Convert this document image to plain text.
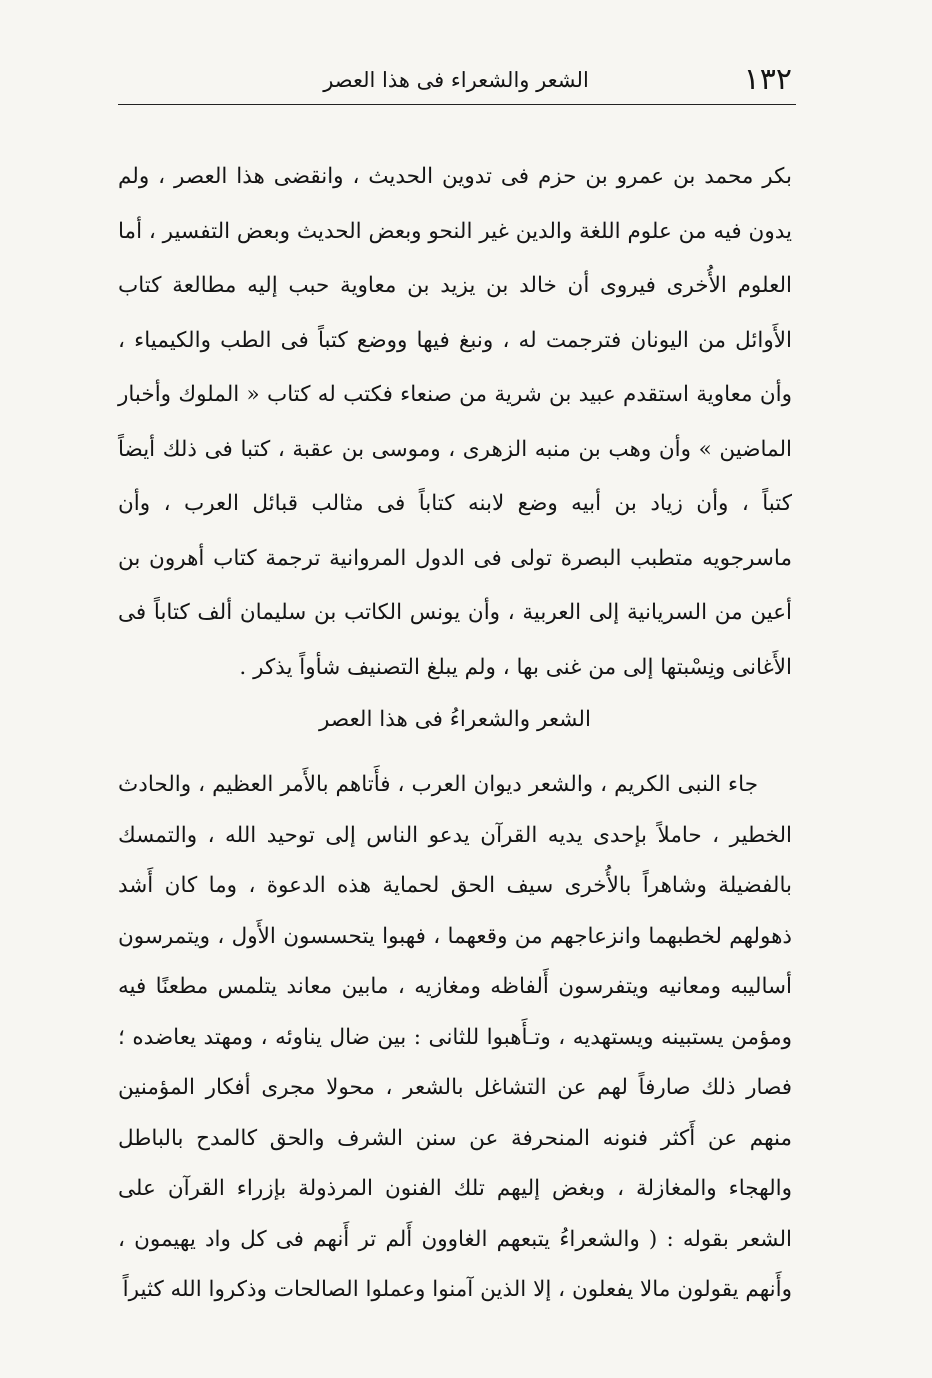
١٣٢
الشعر والشعراء فى هذا العصر

بكر محمد بن عمرو بن حزم فى تدوين الحديث ، وانقضى هذا العصر ، ولم يدون فيه من علوم اللغة والدين غير النحو وبعض الحديث وبعض التفسير ، أما العلوم الأُخرى فيروى أن خالد بن يزيد بن معاوية حبب إليه مطالعة كتاب الأَوائل من اليونان فترجمت له ، ونبغ فيها ووضع كتباً فى الطب والكيمياء ، وأن معاوية استقدم عبيد بن شرية من صنعاء فكتب له كتاب « الملوك وأخبار الماضين » وأن وهب بن منبه الزهرى ، وموسى بن عقبة ، كتبا فى ذلك أيضاً كتباً ، وأن زياد بن أبيه وضع لابنه كتاباً فى مثالب قبائل العرب ، وأن ماسرجويه متطبب البصرة تولى فى الدول المروانية ترجمة كتاب أهرون بن أعين من السريانية إلى العربية ، وأن يونس الكاتب بن سليمان ألف كتاباً فى الأَغانى ونِسْبتها إلى من غنى بها ، ولم يبلغ التصنيف شأواً يذكر .

الشعر والشعراءُ فى هذا العصر

جاء النبى الكريم ، والشعر ديوان العرب ، فأَتاهم بالأَمر العظيم ، والحادث الخطير ، حاملاً بإحدى يديه القرآن يدعو الناس إلى توحيد الله ، والتمسك بالفضيلة وشاهراً بالأُخرى سيف الحق لحماية هذه الدعوة ، وما كان أَشد ذهولهم لخطبهما وانزعاجهم من وقعهما ، فهبوا يتحسسون الأَول ، ويتمرسون أساليبه ومعانيه ويتفرسون أَلفاظه ومغازيه ، مابين معاند يتلمس مطعنًا فيه ومؤمن يستبينه ويستهديه ، وتـأَهبوا للثانى : بين ضال يناوئه ، ومهتد يعاضده ؛ فصار ذلك صارفاً لهم عن التشاغل بالشعر ، محولا مجرى أفكار المؤمنين منهم عن أَكثر فنونه المنحرفة عن سنن الشرف والحق كالمدح بالباطل والهجاء والمغازلة ، وبغض إليهم تلك الفنون المرذولة بإزراء القرآن على الشعر بقوله : ( والشعراءُ يتبعهم الغاوون أَلم تر أَنهم فى كل واد يهيمون ، وأَنهم يقولون مالا يفعلون ، إلا الذين آمنوا وعملوا الصالحات وذكروا الله كثيراً
